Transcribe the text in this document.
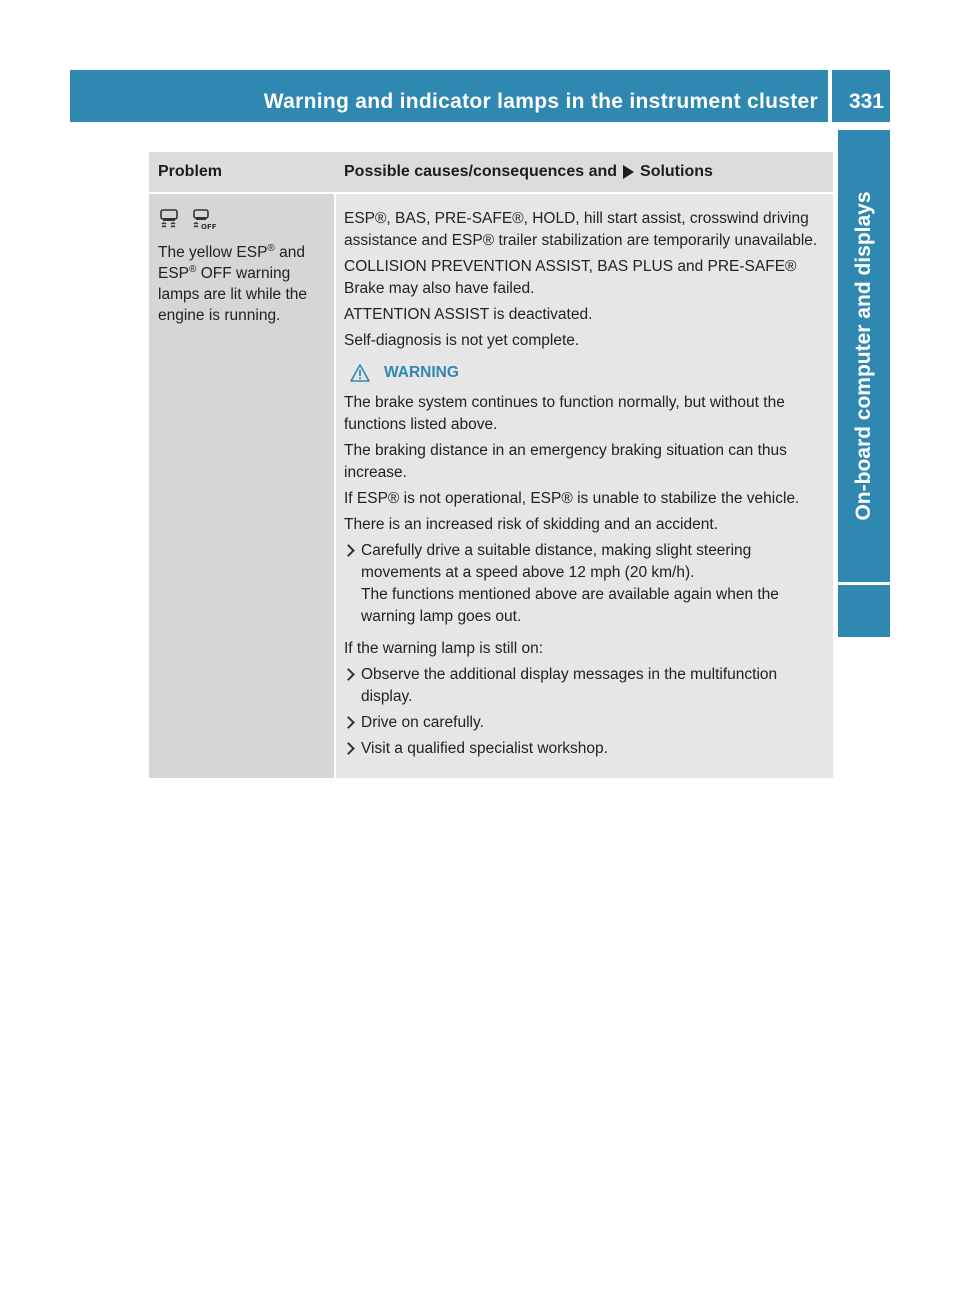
Warning and indicator lamps in the instrument cluster 331
On-board computer and displays
Problem	Possible causes/consequences and Solutions
OFF
The yellow ESP® and ESP® OFF warning lamps are lit while the engine is running.

ESP®, BAS, PRE-SAFE®, HOLD, hill start assist, crosswind driving assistance and ESP® trailer stabilization are temporarily unavailable.

COLLISION PREVENTION ASSIST, BAS PLUS and PRE-SAFE® Brake may also have failed.

ATTENTION ASSIST is deactivated.

Self-diagnosis is not yet complete.

WARNING

The brake system continues to function normally, but without the functions listed above.

The braking distance in an emergency braking situation can thus increase.

If ESP® is not operational, ESP® is unable to stabilize the vehicle.

There is an increased risk of skidding and an accident.

Carefully drive a suitable distance, making slight steering movements at a speed above 12 mph (20 km/h).
The functions mentioned above are available again when the warning lamp goes out.

If the warning lamp is still on:

Observe the additional display messages in the multifunction display.
Drive on carefully.
Visit a qualified specialist workshop.
